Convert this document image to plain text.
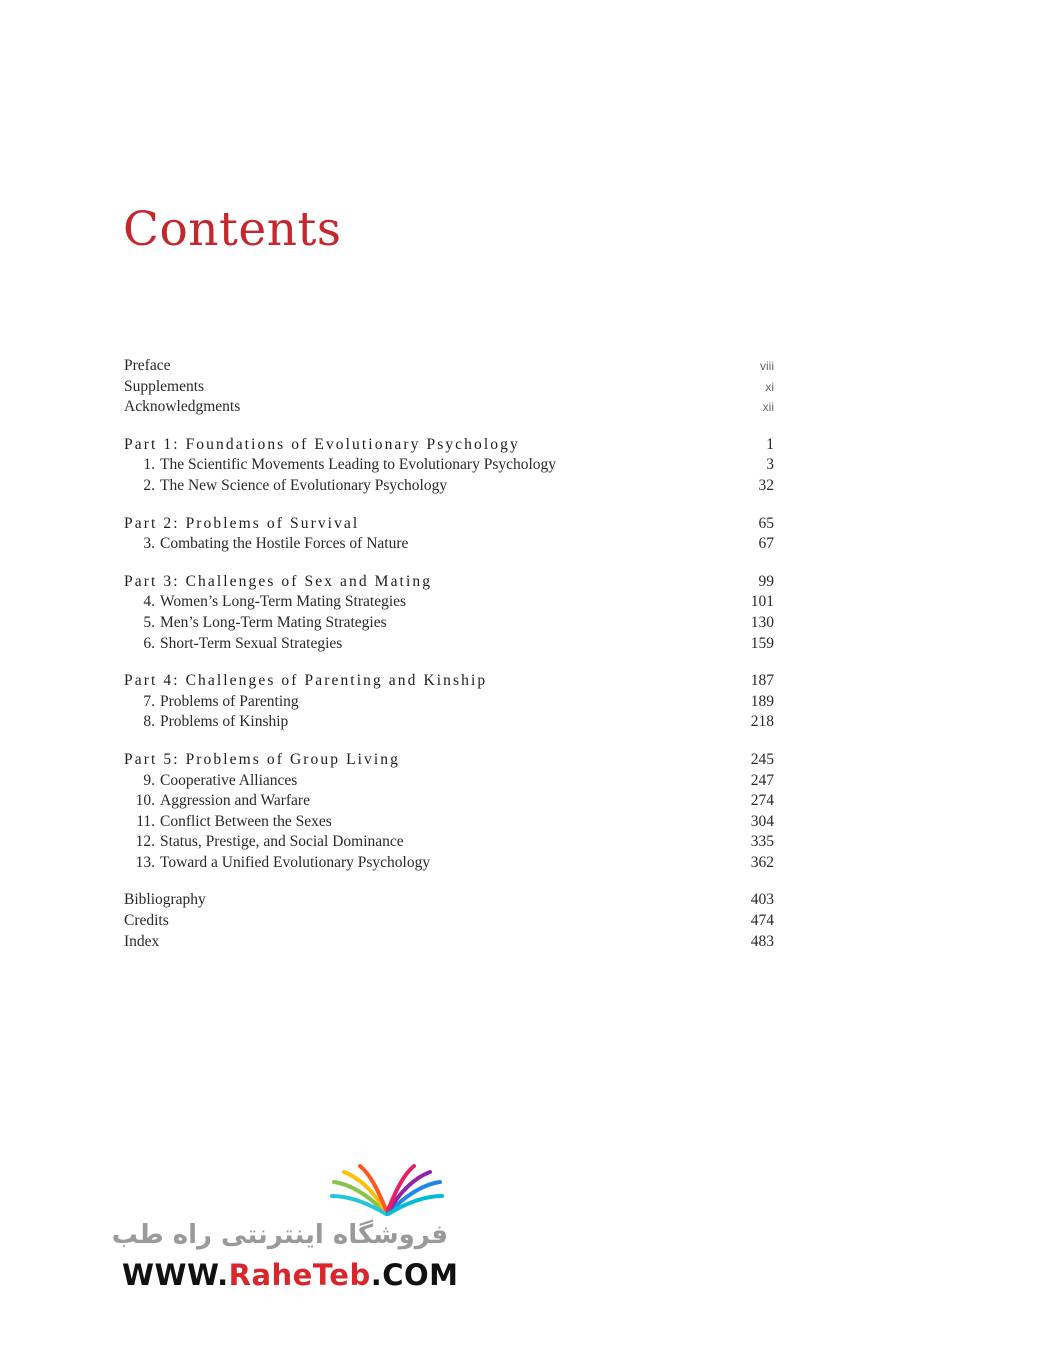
Contents
Preface	viii
Supplements	xi
Acknowledgments	xii
Part 1: Foundations of Evolutionary Psychology	1
1. The Scientific Movements Leading to Evolutionary Psychology	3
2. The New Science of Evolutionary Psychology	32
Part 2: Problems of Survival	65
3. Combating the Hostile Forces of Nature	67
Part 3: Challenges of Sex and Mating	99
4. Women’s Long-Term Mating Strategies	101
5. Men’s Long-Term Mating Strategies	130
6. Short-Term Sexual Strategies	159
Part 4: Challenges of Parenting and Kinship	187
7. Problems of Parenting	189
8. Problems of Kinship	218
Part 5: Problems of Group Living	245
9. Cooperative Alliances	247
10. Aggression and Warfare	274
11. Conflict Between the Sexes	304
12. Status, Prestige, and Social Dominance	335
13. Toward a Unified Evolutionary Psychology	362
Bibliography	403
Credits	474
Index	483
فروشگاه اینترنتی راه طب
WWW.RaheTeb.COM
